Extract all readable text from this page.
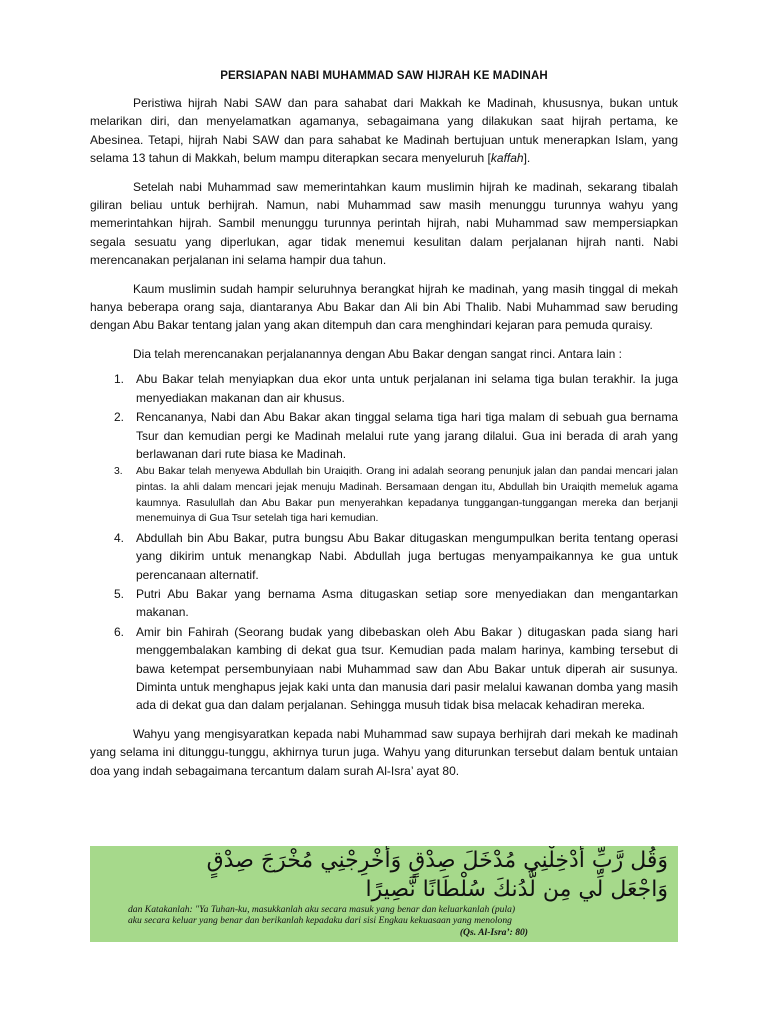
PERSIAPAN NABI MUHAMMAD SAW HIJRAH KE MADINAH

Peristiwa hijrah Nabi SAW dan para sahabat dari Makkah ke Madinah, khususnya, bukan untuk melarikan diri, dan menyelamatkan agamanya, sebagaimana yang dilakukan saat hijrah pertama, ke Abesinea. Tetapi, hijrah Nabi SAW dan para sahabat ke Madinah bertujuan untuk menerapkan Islam, yang selama 13 tahun di Makkah, belum mampu diterapkan secara menyeluruh [kaffah].

Setelah nabi Muhammad saw memerintahkan kaum muslimin hijrah ke madinah, sekarang tibalah giliran beliau untuk berhijrah. Namun, nabi Muhammad saw masih menunggu turunnya wahyu yang memerintahkan hijrah. Sambil menunggu turunnya perintah hijrah, nabi Muhammad saw mempersiapkan segala sesuatu yang diperlukan, agar tidak menemui kesulitan dalam perjalanan hijrah nanti. Nabi merencanakan perjalanan ini selama hampir dua tahun.

Kaum muslimin sudah hampir seluruhnya berangkat hijrah ke madinah, yang masih tinggal di mekah hanya beberapa orang saja, diantaranya Abu Bakar dan Ali bin Abi Thalib. Nabi Muhammad saw beruding dengan Abu Bakar tentang jalan yang akan ditempuh dan cara menghindari kejaran para pemuda quraisy.

Dia telah merencanakan perjalanannya dengan Abu Bakar dengan sangat rinci. Antara lain :

1. Abu Bakar telah menyiapkan dua ekor unta untuk perjalanan ini selama tiga bulan terakhir. Ia juga menyediakan makanan dan air khusus.
2. Rencananya, Nabi dan Abu Bakar akan tinggal selama tiga hari tiga malam di sebuah gua bernama Tsur dan kemudian pergi ke Madinah melalui rute yang jarang dilalui. Gua ini berada di arah yang berlawanan dari rute biasa ke Madinah.
3. Abu Bakar telah menyewa Abdullah bin Uraiqith. Orang ini adalah seorang penunjuk jalan dan pandai mencari jalan pintas. Ia ahli dalam mencari jejak menuju Madinah. Bersamaan dengan itu, Abdullah bin Uraiqith memeluk agama kaumnya. Rasulullah dan Abu Bakar pun menyerahkan kepadanya tunggangan-tunggangan mereka dan berjanji menemuinya di Gua Tsur setelah tiga hari kemudian.
4. Abdullah bin Abu Bakar, putra bungsu Abu Bakar ditugaskan mengumpulkan berita tentang operasi yang dikirim untuk menangkap Nabi. Abdullah juga bertugas menyampaikannya ke gua untuk perencanaan alternatif.
5. Putri Abu Bakar yang bernama Asma ditugaskan setiap sore menyediakan dan mengantarkan makanan.
6. Amir bin Fahirah (Seorang budak yang dibebaskan oleh Abu Bakar ) ditugaskan pada siang hari menggembalakan kambing di dekat gua tsur. Kemudian pada malam harinya, kambing tersebut di bawa ketempat persembunyiaan nabi Muhammad saw dan Abu Bakar untuk diperah air susunya. Diminta untuk menghapus jejak kaki unta dan manusia dari pasir melalui kawanan domba yang masih ada di dekat gua dan dalam perjalanan. Sehingga musuh tidak bisa melacak kehadiran mereka.

Wahyu yang mengisyaratkan kepada nabi Muhammad saw supaya berhijrah dari mekah ke madinah yang selama ini ditunggu-tunggu, akhirnya turun juga. Wahyu yang diturunkan tersebut dalam bentuk untaian doa yang indah sebagaimana tercantum dalam surah Al-Isra’ ayat 80.

وَقُل رَّبِّ أَدْخِلْنِي مُدْخَلَ صِدْقٍ وَأَخْرِجْنِي مُخْرَجَ صِدْقٍ
وَاجْعَل لِّي مِن لَّدُنكَ سُلْطَانًا نَّصِيرًا
dan Katakanlah: "Ya Tuhan-ku, masukkanlah aku secara masuk yang benar dan keluarkanlah (pula)
aku secara keluar yang benar dan berikanlah kepadaku dari sisi Engkau kekuasaan yang menolong
(Qs. Al-Isra’: 80)
